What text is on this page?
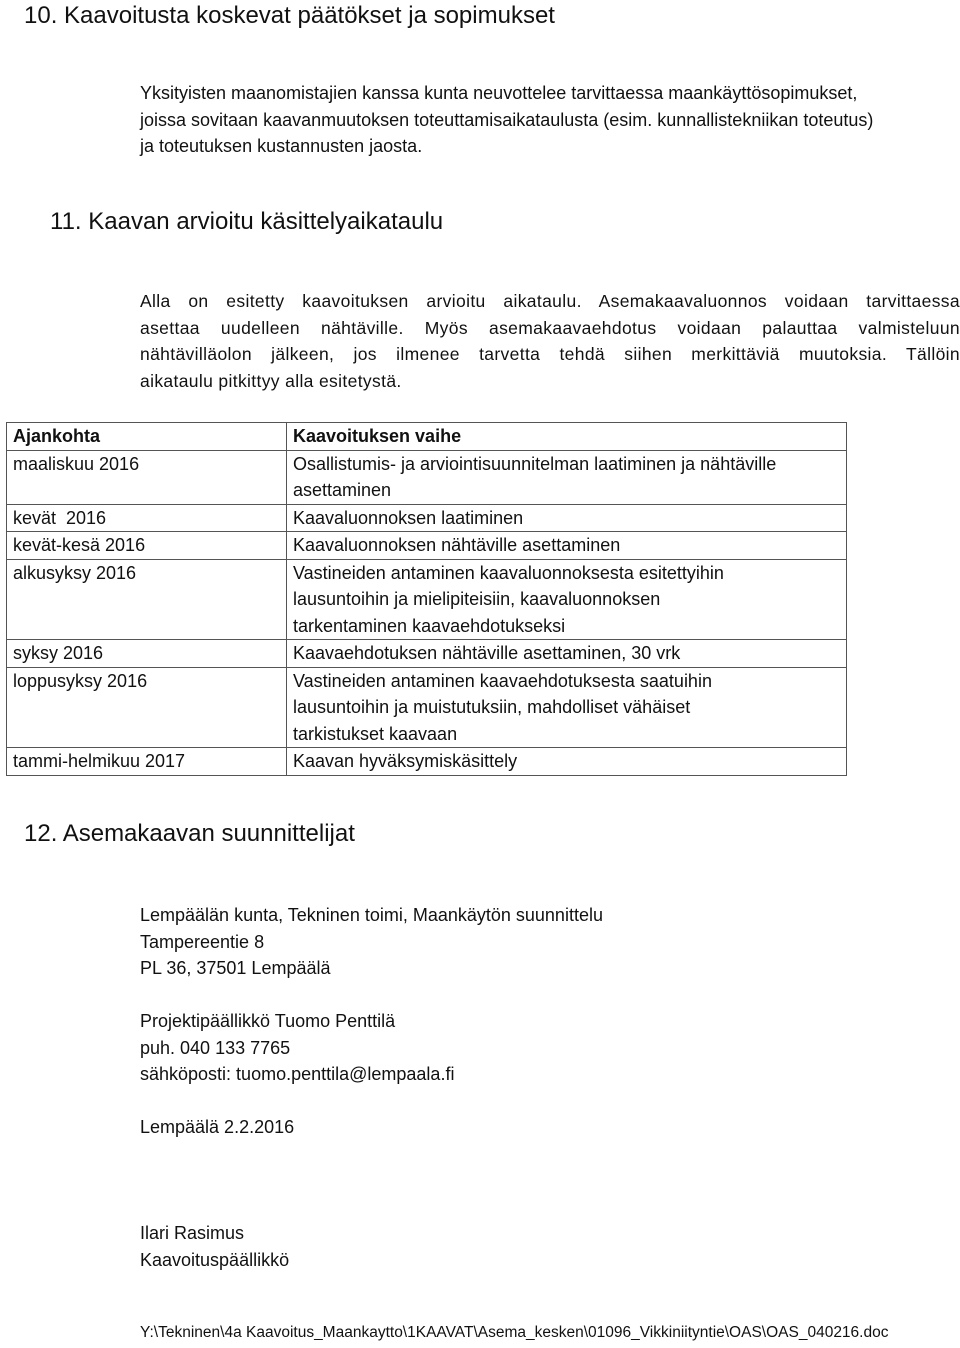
10. Kaavoitusta koskevat päätökset ja sopimukset
Yksityisten maanomistajien kanssa kunta neuvottelee tarvittaessa maankäyttösopimukset,
joissa sovitaan kaavanmuutoksen toteuttamisaikataulusta (esim. kunnallistekniikan toteutus)
ja toteutuksen kustannusten jaosta.
11. Kaavan arvioitu käsittelyaikataulu
Alla on esitetty kaavoituksen arvioitu aikataulu. Asemakaavaluonnos voidaan tarvittaessa
asettaa uudelleen nähtäville. Myös asemakaavaehdotus voidaan palauttaa valmisteluun
nähtävilläolon jälkeen, jos ilmenee tarvetta tehdä siihen merkittäviä muutoksia. Tällöin
aikataulu pitkittyy alla esitetystä.
Ajankohta	Kaavoituksen vaihe
maaliskuu 2016	Osallistumis- ja arviointisuunnitelman laatiminen ja nähtäville
asettaminen

kevät  2016	Kaavaluonnoksen laatiminen

kevät-kesä 2016	Kaavaluonnoksen nähtäville asettaminen

alkusyksy 2016	Vastineiden antaminen kaavaluonnoksesta esitettyihin
lausuntoihin ja mielipiteisiin, kaavaluonnoksen
tarkentaminen kaavaehdotukseksi

syksy 2016	Kaavaehdotuksen nähtäville asettaminen, 30 vrk

loppusyksy 2016	Vastineiden antaminen kaavaehdotuksesta saatuihin
lausuntoihin ja muistutuksiin, mahdolliset vähäiset
tarkistukset kaavaan

tammi-helmikuu 2017	Kaavan hyväksymiskäsittely
12. Asemakaavan suunnittelijat
Lempäälän kunta, Tekninen toimi, Maankäytön suunnittelu
Tampereentie 8
PL 36, 37501 Lempäälä
Projektipäällikkö Tuomo Penttilä
puh. 040 133 7765
sähköposti: tuomo.penttila@lempaala.fi
Lempäälä 2.2.2016
Ilari Rasimus
Kaavoituspäällikkö
Y:\Tekninen\4a Kaavoitus_Maankaytto\1KAAVAT\Asema_kesken\01096_Vikkiniityntie\OAS\OAS_040216.doc
